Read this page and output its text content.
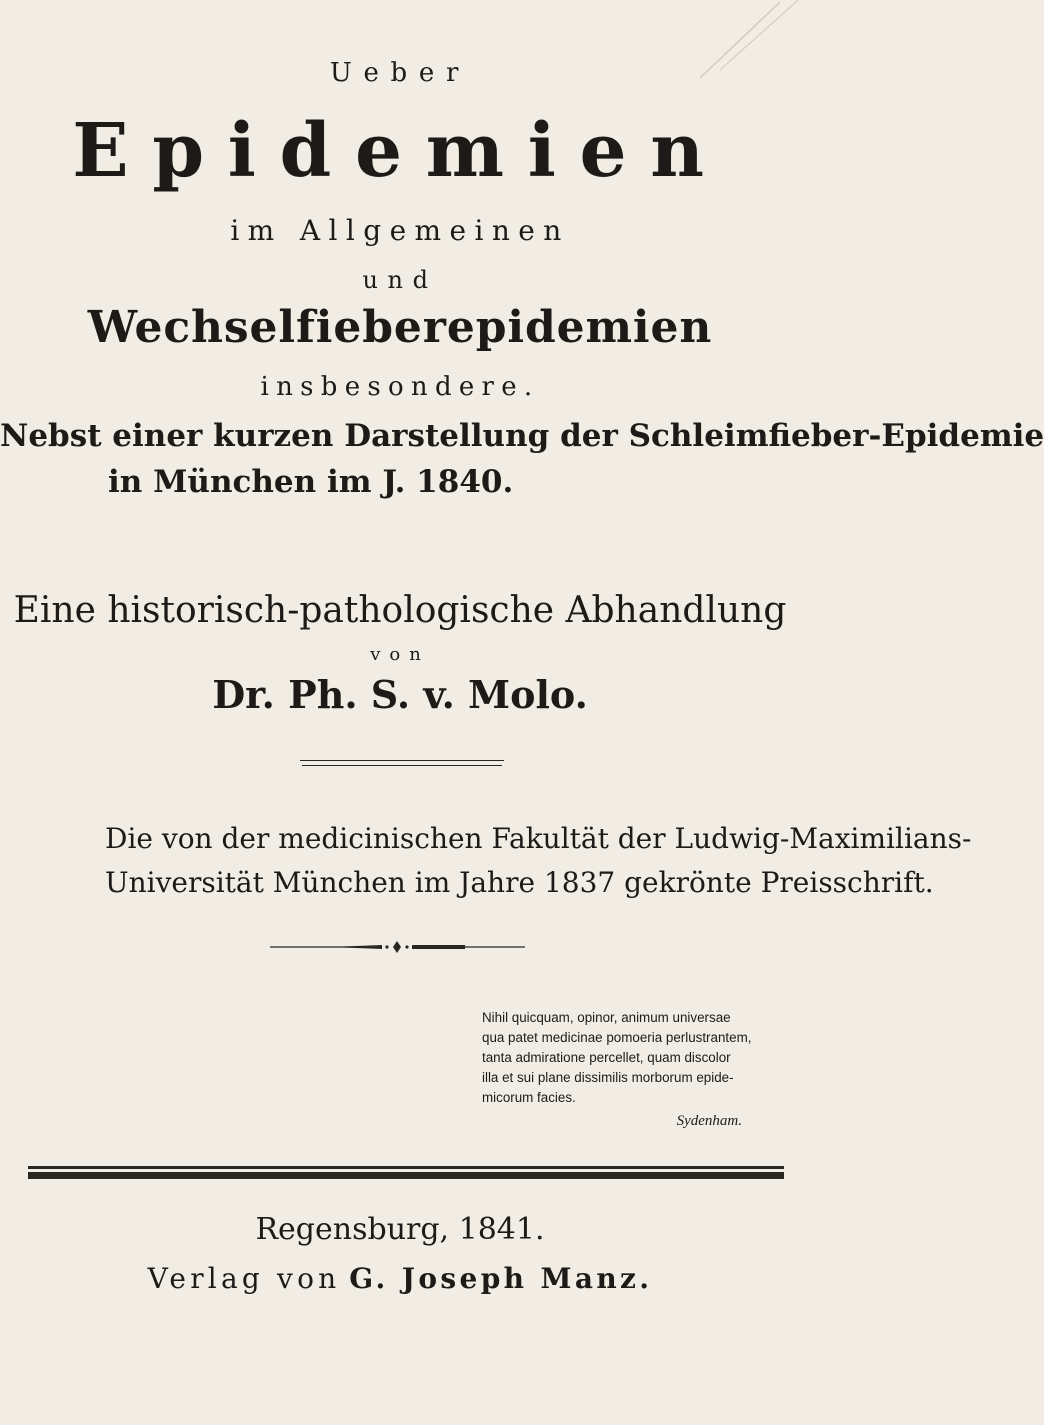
Ueber
Epidemien
im Allgemeinen
und
Wechselfieberepidemien
insbesondere.
Nebst einer kurzen Darstellung der Schleimfieber-Epidemie
in München im J. 1840.
Eine historisch-pathologische Abhandlung
von
Dr. Ph. S. v. Molo.
Die von der medicinischen Fakultät der Ludwig-Maximilians-
Universität München im Jahre 1837 gekrönte Preisschrift.
Nihil quicquam, opinor, animum universae
qua patet medicinae pomoeria perlustrantem,
tanta admiratione percellet, quam discolor
illa et sui plane dissimilis morborum epide-
micorum facies.
Sydenham.
Regensburg, 1841.
Verlag von G. Joseph Manz.
